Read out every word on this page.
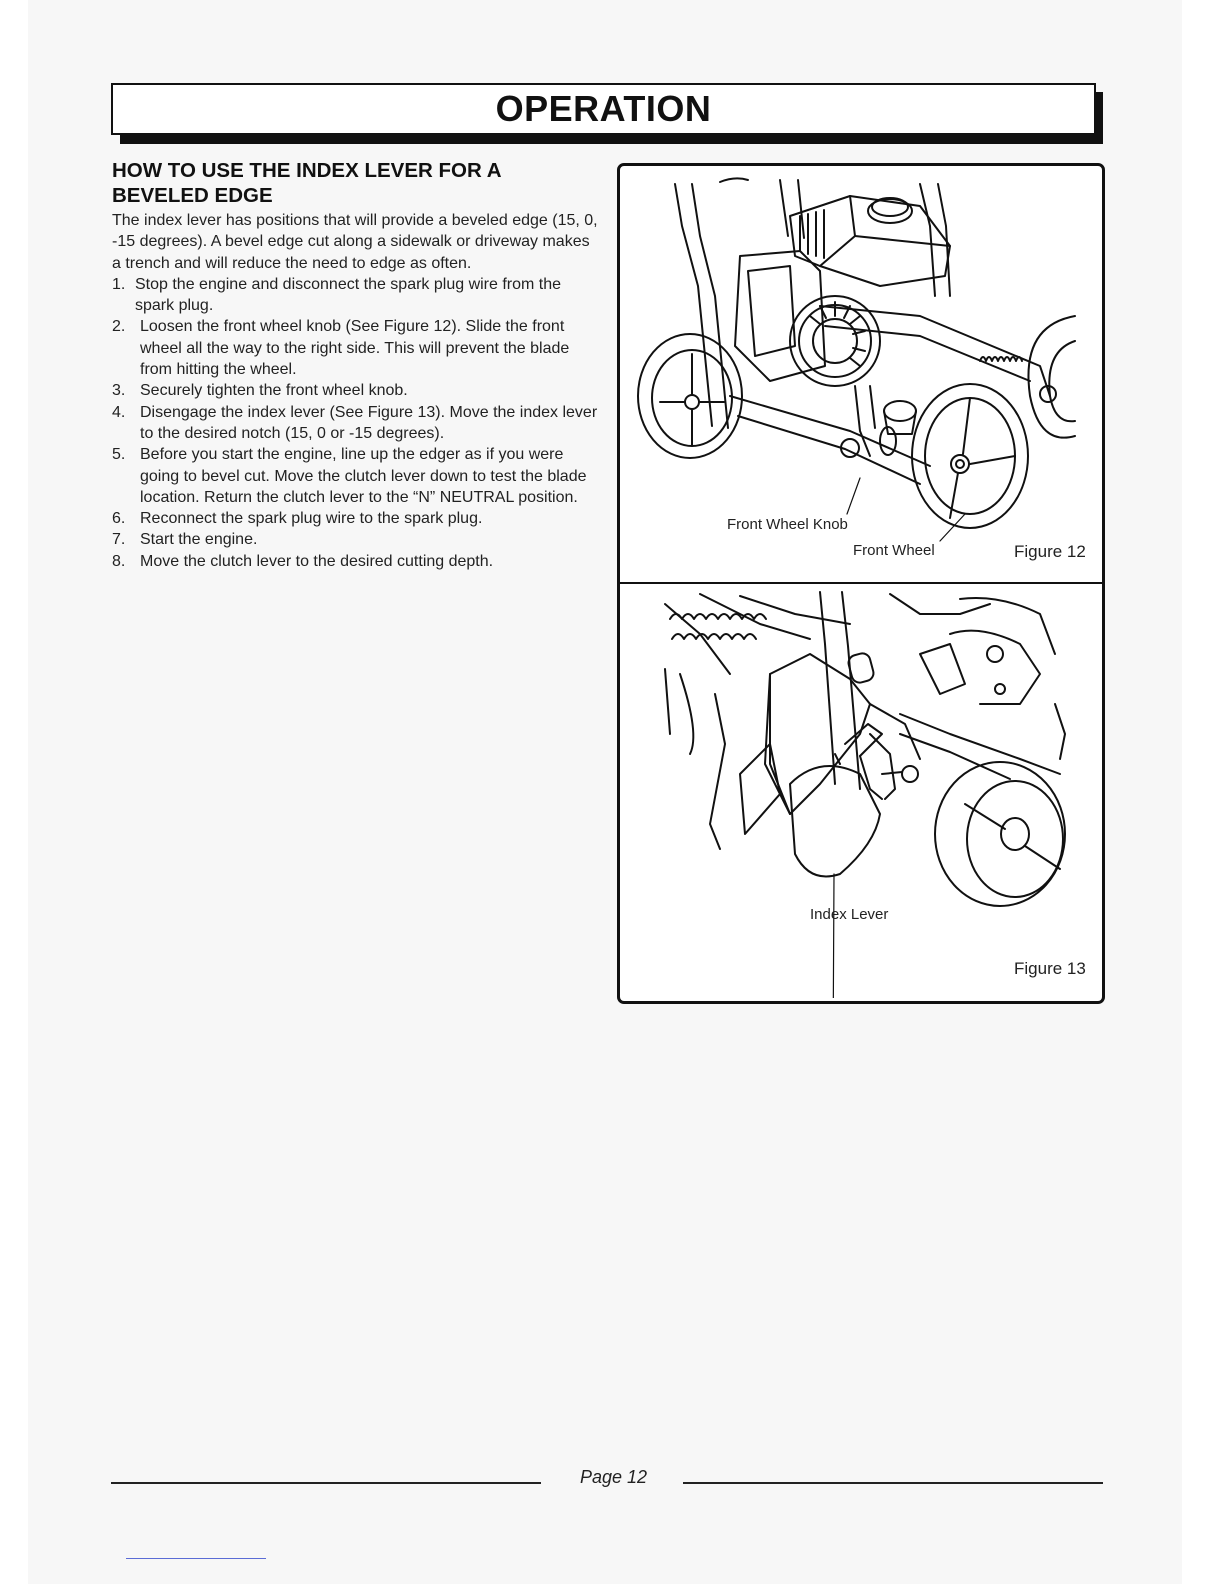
OPERATION
HOW TO USE THE INDEX LEVER FOR A
BEVELED EDGE

The index lever has positions that will provide a beveled edge (15, 0, -15 degrees). A bevel edge cut along a sidewalk or driveway makes a trench and will reduce the need to edge as often.

1. Stop the engine and disconnect the spark plug wire from the spark plug.
2. Loosen the front wheel knob (See Figure 12). Slide the front wheel all the way to the right side. This will prevent the blade from hitting the wheel.
3. Securely tighten the front wheel knob.
4. Disengage the index lever (See Figure 13). Move the index lever to the desired notch (15, 0 or -15 degrees).
5. Before you start the engine, line up the edger as if you were going to bevel cut. Move the clutch lever down to test the blade location. Return the clutch lever to the “N” NEUTRAL position.
6. Reconnect the spark plug wire to the spark plug.
7. Start the engine.
8. Move the clutch lever to the desired cutting depth.
Front Wheel Knob
Front Wheel	Figure 12
Index Lever
Figure 13
Page 12
